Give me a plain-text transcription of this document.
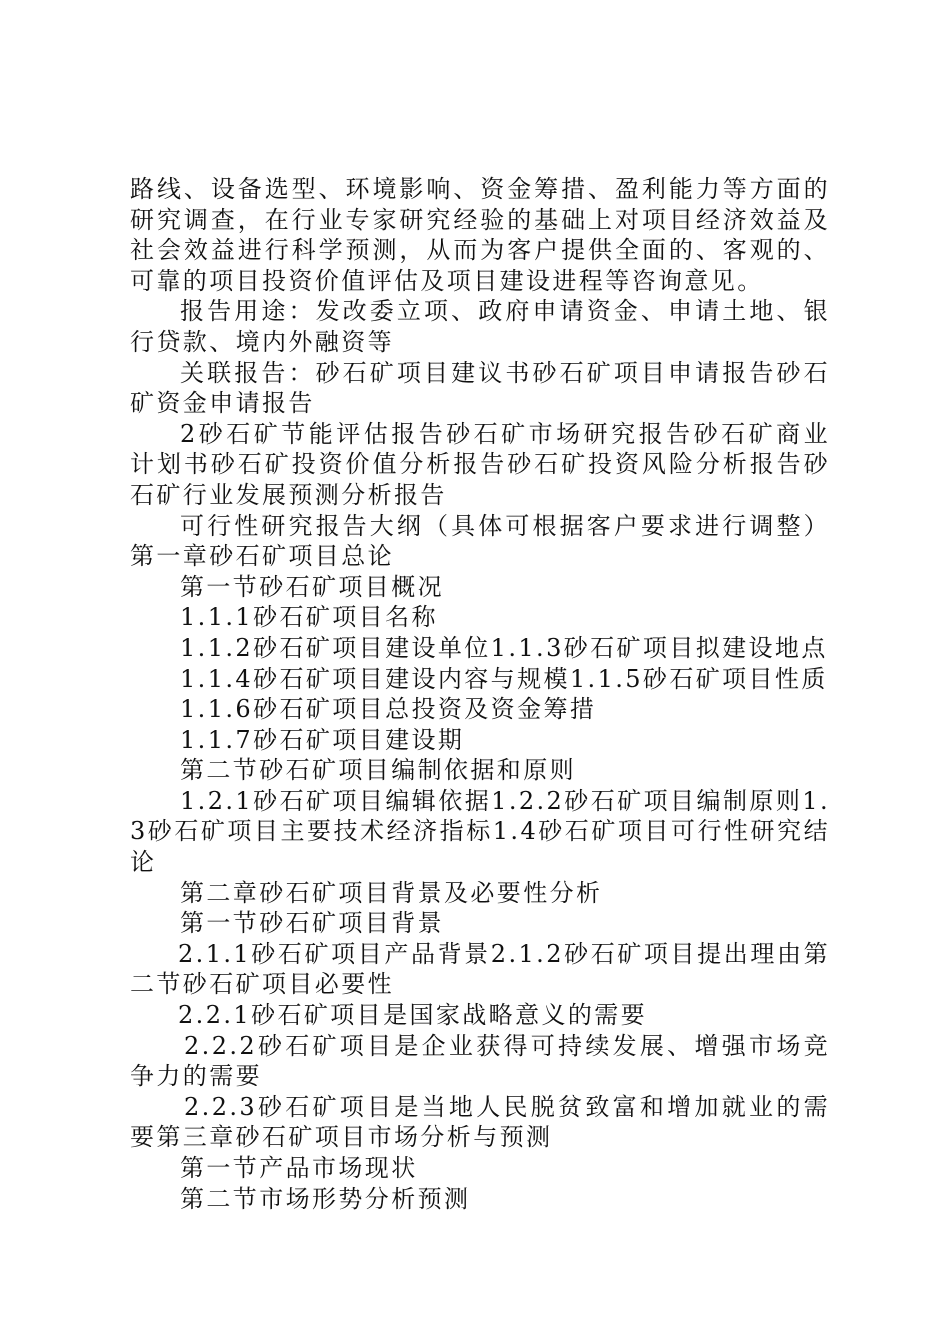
路线、设备选型、环境影响、资金筹措、盈利能力等方面的研究调查，在行业专家研究经验的基础上对项目经济效益及社会效益进行科学预测，从而为客户提供全面的、客观的、可靠的项目投资价值评估及项目建设进程等咨询意见。

报告用途：发改委立项、政府申请资金、申请土地、银行贷款、境内外融资等

关联报告：砂石矿项目建议书砂石矿项目申请报告砂石矿资金申请报告

2砂石矿节能评估报告砂石矿市场研究报告砂石矿商业计划书砂石矿投资价值分析报告砂石矿投资风险分析报告砂石矿行业发展预测分析报告

可行性研究报告大纲（具体可根据客户要求进行调整）第一章砂石矿项目总论

第一节砂石矿项目概况

1.1.1砂石矿项目名称

1.1.2砂石矿项目建设单位1.1.3砂石矿项目拟建设地点

1.1.4砂石矿项目建设内容与规模1.1.5砂石矿项目性质

1.1.6砂石矿项目总投资及资金筹措

1.1.7砂石矿项目建设期

第二节砂石矿项目编制依据和原则

1.2.1砂石矿项目编辑依据1.2.2砂石矿项目编制原则1.3砂石矿项目主要技术经济指标1.4砂石矿项目可行性研究结论

第二章砂石矿项目背景及必要性分析

第一节砂石矿项目背景

2.1.1砂石矿项目产品背景2.1.2砂石矿项目提出理由第二节砂石矿项目必要性

2.2.1砂石矿项目是国家战略意义的需要

2.2.2砂石矿项目是企业获得可持续发展、增强市场竞争力的需要

2.2.3砂石矿项目是当地人民脱贫致富和增加就业的需要第三章砂石矿项目市场分析与预测

第一节产品市场现状

第二节市场形势分析预测
